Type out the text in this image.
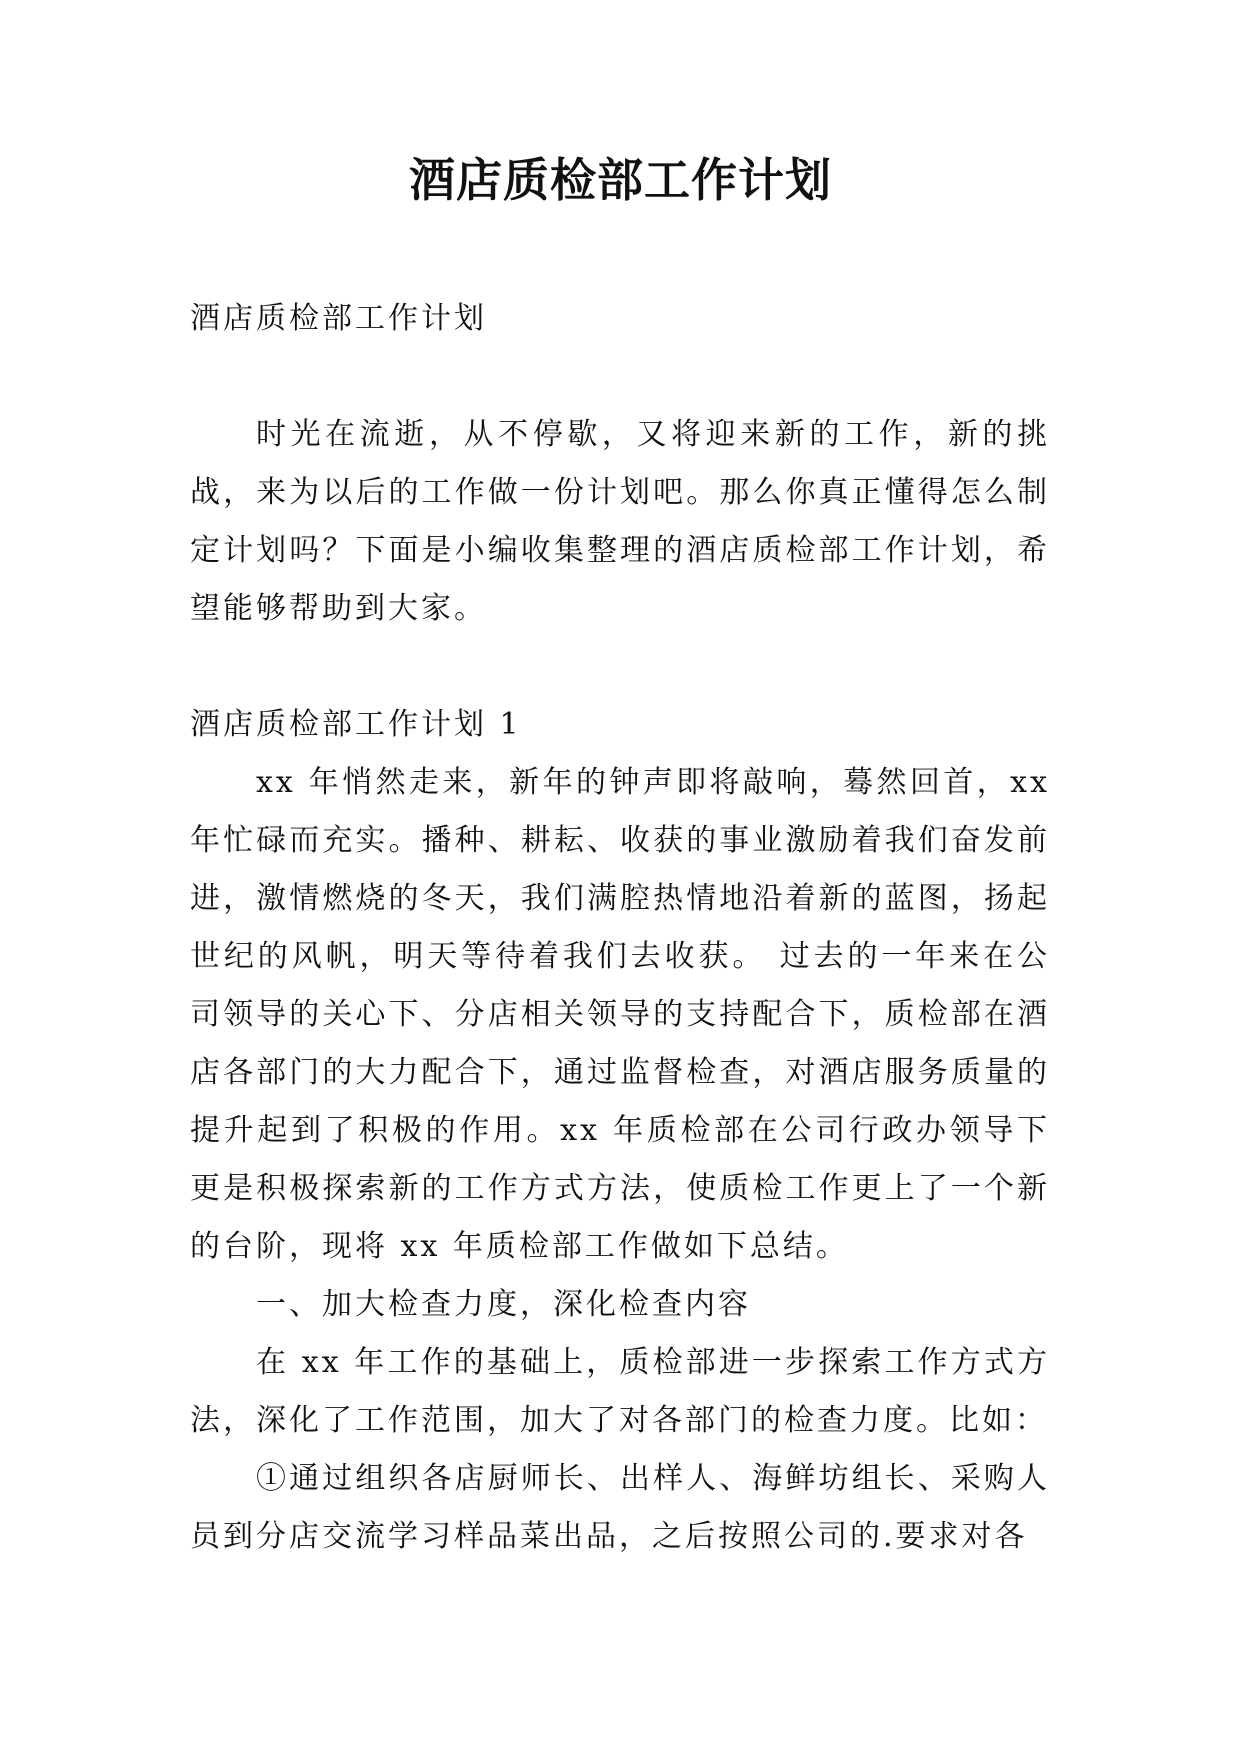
酒店质检部工作计划

酒店质检部工作计划

时光在流逝，从不停歇，又将迎来新的工作，新的挑战，来为以后的工作做一份计划吧。那么你真正懂得怎么制定计划吗？下面是小编收集整理的酒店质检部工作计划，希望能够帮助到大家。

酒店质检部工作计划 1

xx 年悄然走来，新年的钟声即将敲响，蓦然回首，xx 年忙碌而充实。播种、耕耘、收获的事业激励着我们奋发前进，激情燃烧的冬天，我们满腔热情地沿着新的蓝图，扬起世纪的风帆，明天等待着我们去收获。 过去的一年来在公司领导的关心下、分店相关领导的支持配合下，质检部在酒店各部门的大力配合下，通过监督检查，对酒店服务质量的提升起到了积极的作用。xx 年质检部在公司行政办领导下更是积极探索新的工作方式方法，使质检工作更上了一个新的台阶，现将 xx 年质检部工作做如下总结。

一、加大检查力度，深化检查内容

在 xx 年工作的基础上，质检部进一步探索工作方式方法，深化了工作范围，加大了对各部门的检查力度。比如：

①通过组织各店厨师长、出样人、海鲜坊组长、采购人员到分店交流学习样品菜出品，之后按照公司的.要求对各
